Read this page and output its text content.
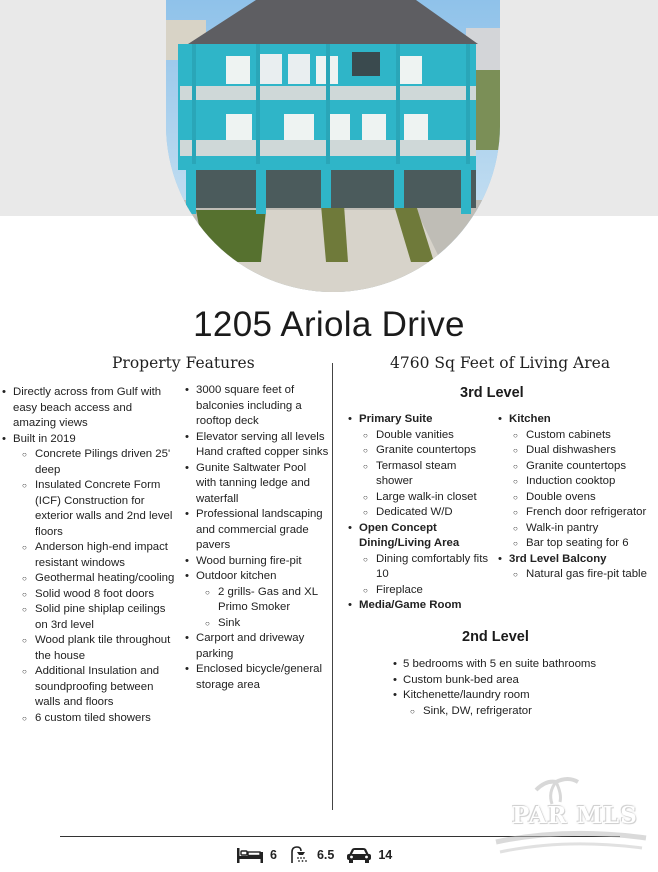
1205 Ariola Drive
Property Features	4760 Sq Feet of Living Area
• Directly across from Gulf with easy beach access and amazing views
• Built in 2019
○ Concrete Pilings driven 25' deep
○ Insulated Concrete Form (ICF) Construction for exterior walls and 2nd level floors
○ Anderson high-end impact resistant windows
○ Geothermal heating/cooling
○ Solid wood 8 foot doors
○ Solid pine shiplap ceilings on 3rd level
○ Wood plank tile throughout the house
○ Additional Insulation and soundproofing between walls and floors
○ 6 custom tiled showers
• 3000 square feet of balconies including a rooftop deck
• Elevator serving all levels Hand crafted copper sinks
• Gunite Saltwater Pool with tanning ledge and waterfall
• Professional landscaping and commercial grade pavers
• Wood burning fire-pit
• Outdoor kitchen
○ 2 grills- Gas and XL Primo Smoker
○ Sink
• Carport and driveway parking
• Enclosed bicycle/general storage area
3rd Level
• Primary Suite
○ Double vanities
○ Granite countertops
○ Termasol steam shower
○ Large walk-in closet
○ Dedicated W/D
• Open Concept Dining/Living Area
○ Dining comfortably fits 10
○ Fireplace
• Media/Game Room
• Kitchen
○ Custom cabinets
○ Dual dishwashers
○ Granite countertops
○ Induction cooktop
○ Double ovens
○ French door refrigerator
○ Walk-in pantry
○ Bar top seating for 6
• 3rd Level Balcony
○ Natural gas fire-pit table
2nd Level
• 5 bedrooms with 5 en suite bathrooms
• Custom bunk-bed area
• Kitchenette/laundry room
○ Sink, DW, refrigerator
6	6.5	14
PAR MLS
